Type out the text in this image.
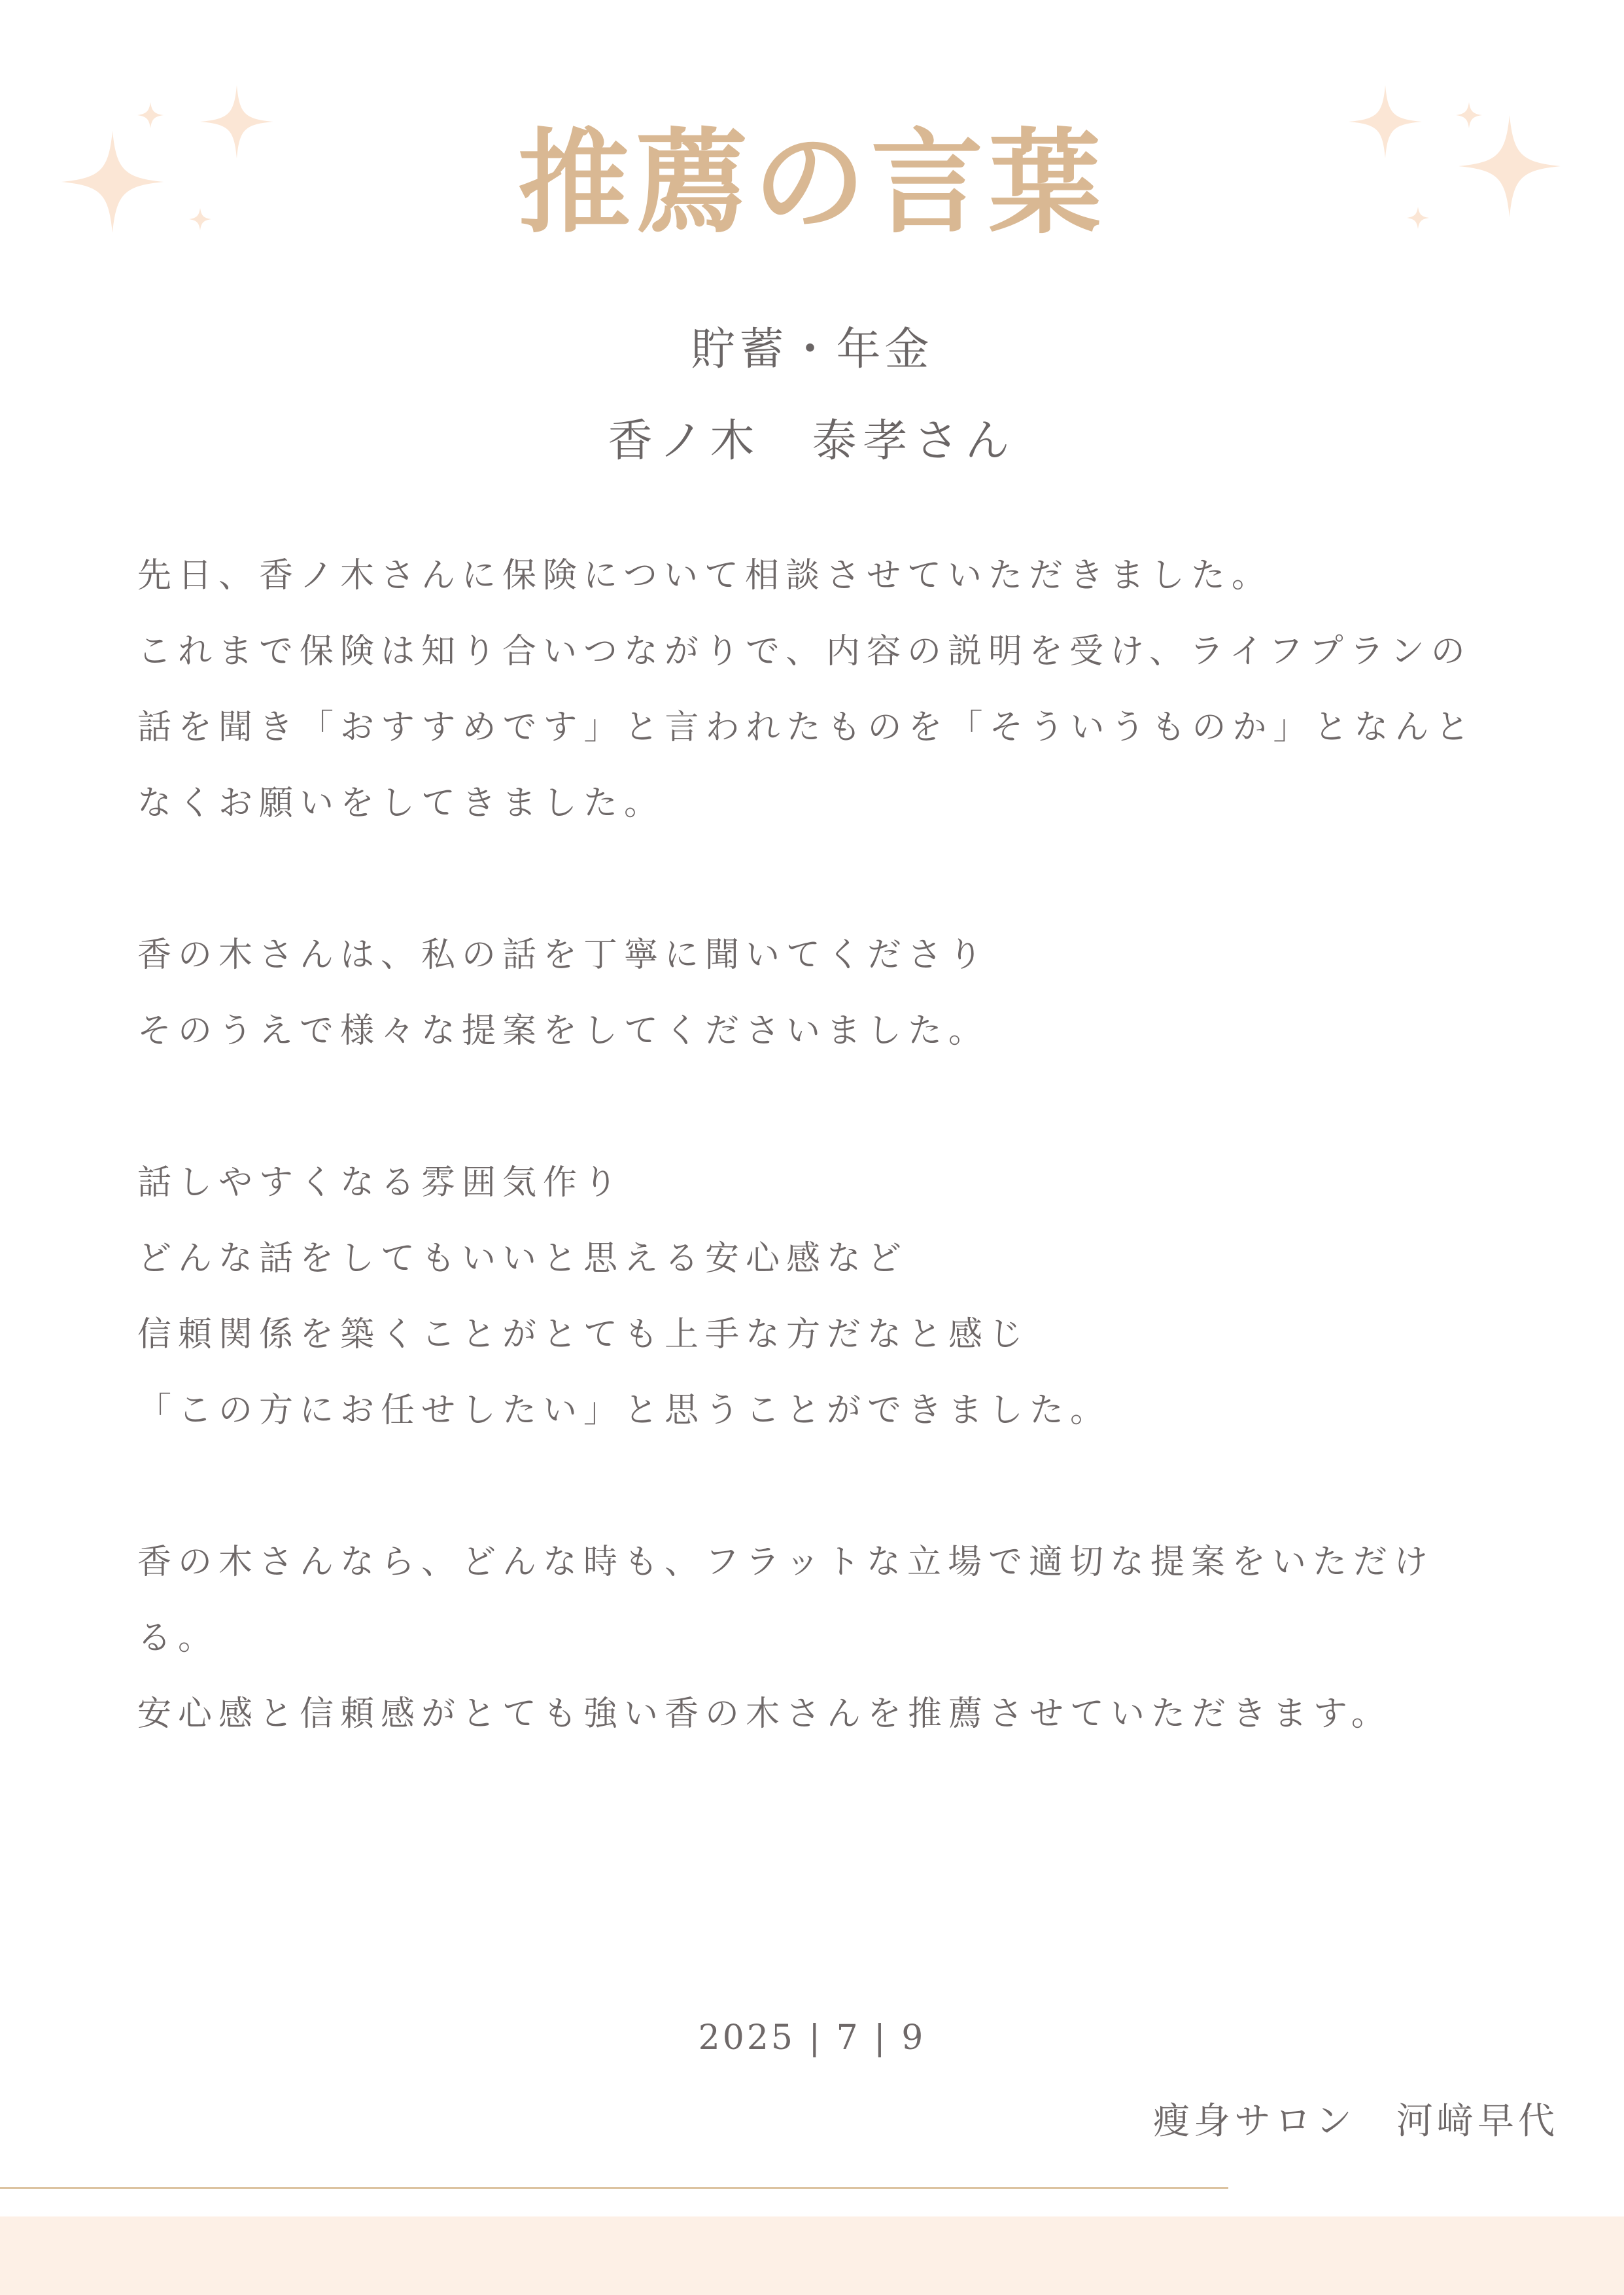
推薦の言葉
貯蓄・年金
香ノ木　泰孝さん
先日、香ノ木さんに保険について相談させていただきました。
これまで保険は知り合いつながりで、内容の説明を受け、ライフプランの
話を聞き「おすすめです」と言われたものを「そういうものか」となんと
なくお願いをしてきました。
香の木さんは、私の話を丁寧に聞いてくださり
そのうえで様々な提案をしてくださいました。
話しやすくなる雰囲気作り
どんな話をしてもいいと思える安心感など
信頼関係を築くことがとても上手な方だなと感じ
「この方にお任せしたい」と思うことができました。
香の木さんなら、どんな時も、フラットな立場で適切な提案をいただけ
る。
安心感と信頼感がとても強い香の木さんを推薦させていただきます。
2025 | 7 | 9
瘦身サロン　河﨑早代
